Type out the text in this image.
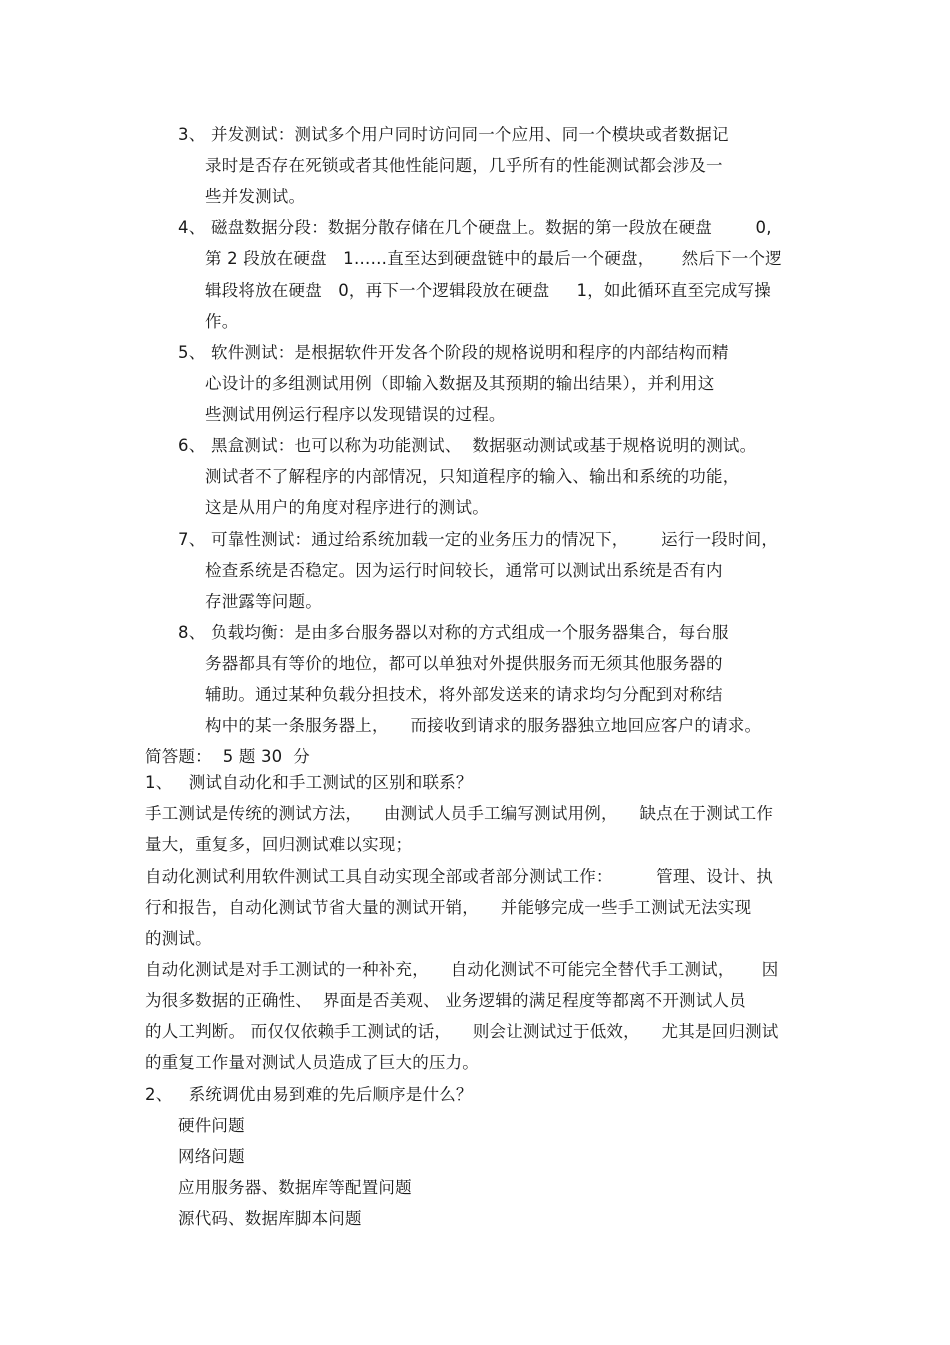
3、 并发测试：测试多个用户同时访问同一个应用、同一个模块或者数据记
录时是否存在死锁或者其他性能问题，几乎所有的性能测试都会涉及一
些并发测试。
4、 磁盘数据分段：数据分散存储在几个硬盘上。数据的第一段放在硬盘        0,
第 2 段放在硬盘   1……直至达到硬盘链中的最后一个硬盘，     然后下一个逻
辑段将放在硬盘   0，再下一个逻辑段放在硬盘     1，如此循环直至完成写操
作。
5、 软件测试：是根据软件开发各个阶段的规格说明和程序的内部结构而精
心设计的多组测试用例（即输入数据及其预期的输出结果），并利用这
些测试用例运行程序以发现错误的过程。
6、 黑盒测试：也可以称为功能测试、  数据驱动测试或基于规格说明的测试。
测试者不了解程序的内部情况，只知道程序的输入、输出和系统的功能，
这是从用户的角度对程序进行的测试。
7、 可靠性测试：通过给系统加载一定的业务压力的情况下，      运行一段时间，
检查系统是否稳定。因为运行时间较长，通常可以测试出系统是否有内
存泄露等问题。
8、 负载均衡：是由多台服务器以对称的方式组成一个服务器集合，每台服
务器都具有等价的地位，都可以单独对外提供服务而无须其他服务器的
辅助。通过某种负载分担技术，将外部发送来的请求均匀分配到对称结
构中的某一条服务器上，    而接收到请求的服务器独立地回应客户的请求。
简答题：  5 题 30  分
1、   测试自动化和手工测试的区别和联系？
手工测试是传统的测试方法，    由测试人员手工编写测试用例，    缺点在于测试工作
量大，重复多，回归测试难以实现；
自动化测试利用软件测试工具自动实现全部或者部分测试工作：        管理、设计、执
行和报告，自动化测试节省大量的测试开销，    并能够完成一些手工测试无法实现
的测试。
自动化测试是对手工测试的一种补充，    自动化测试不可能完全替代手工测试，     因
为很多数据的正确性、  界面是否美观、 业务逻辑的满足程度等都离不开测试人员
的人工判断。 而仅仅依赖手工测试的话，    则会让测试过于低效，    尤其是回归测试
的重复工作量对测试人员造成了巨大的压力。
2、   系统调优由易到难的先后顺序是什么？
硬件问题
网络问题
应用服务器、数据库等配置问题
源代码、数据库脚本问题
